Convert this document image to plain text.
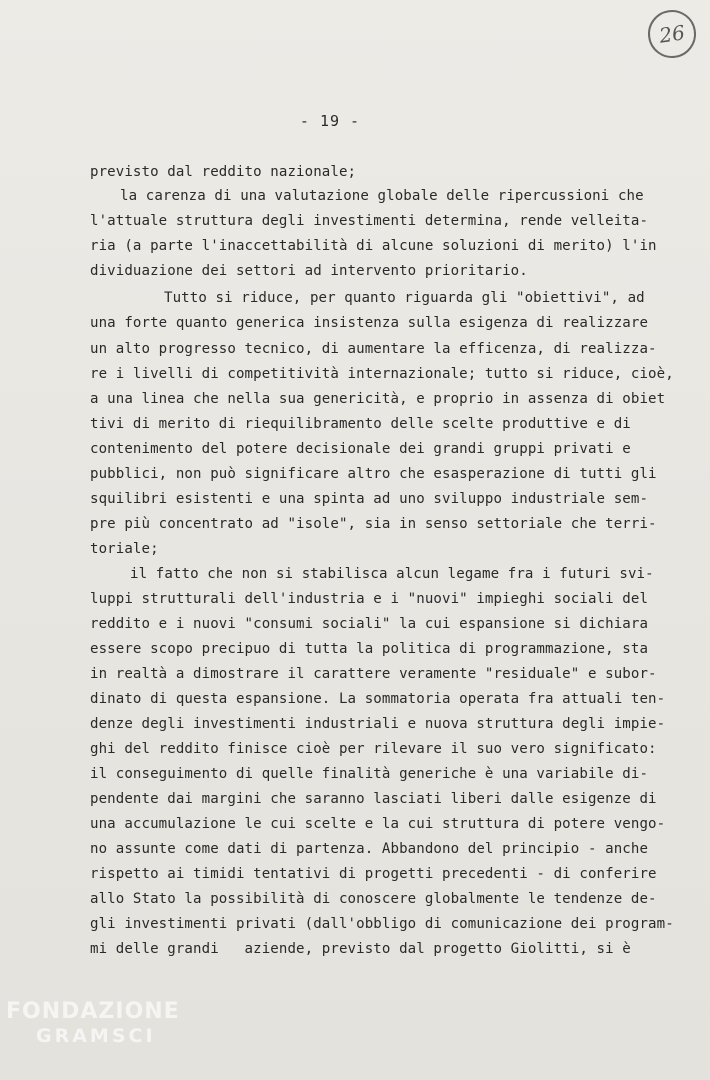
26
- 19 -
previsto dal reddito nazionale;
la carenza di una valutazione globale delle ripercussioni che
l'attuale struttura degli investimenti determina, rende velleita-
ria (a parte l'inaccettabilità di alcune soluzioni di merito) l'in
dividuazione dei settori ad intervento prioritario.
Tutto si riduce, per quanto riguarda gli "obiettivi", ad
una forte quanto generica insistenza sulla esigenza di realizzare
un alto progresso tecnico, di aumentare la efficenza, di realizza-
re i livelli di competitività internazionale; tutto si riduce, cioè,
a una linea che nella sua genericità, e proprio in assenza di obiet
tivi di merito di riequilibramento delle scelte produttive e di
contenimento del potere decisionale dei grandi gruppi privati e
pubblici, non può significare altro che esasperazione di tutti gli
squilibri esistenti e una spinta ad uno sviluppo industriale sem-
pre più concentrato ad "isole", sia in senso settoriale che terri-
toriale;
il fatto che non si stabilisca alcun legame fra i futuri svi-
luppi strutturali dell'industria e i "nuovi" impieghi sociali del
reddito e i nuovi "consumi sociali" la cui espansione si dichiara
essere scopo precipuo di tutta la politica di programmazione, sta
in realtà a dimostrare il carattere veramente "residuale" e subor-
dinato di questa espansione. La sommatoria operata fra attuali ten-
denze degli investimenti industriali e nuova struttura degli impie-
ghi del reddito finisce cioè per rilevare il suo vero significato:
il conseguimento di quelle finalità generiche è una variabile di-
pendente dai margini che saranno lasciati liberi dalle esigenze di
una accumulazione le cui scelte e la cui struttura di potere vengo-
no assunte come dati di partenza. Abbandono del principio - anche
rispetto ai timidi tentativi di progetti precedenti - di conferire
allo Stato la possibilità di conoscere globalmente le tendenze de-
gli investimenti privati (dall'obbligo di comunicazione dei program-
mi delle grandi   aziende, previsto dal progetto Giolitti, si è
FONDAZIONE
GRAMSCI
